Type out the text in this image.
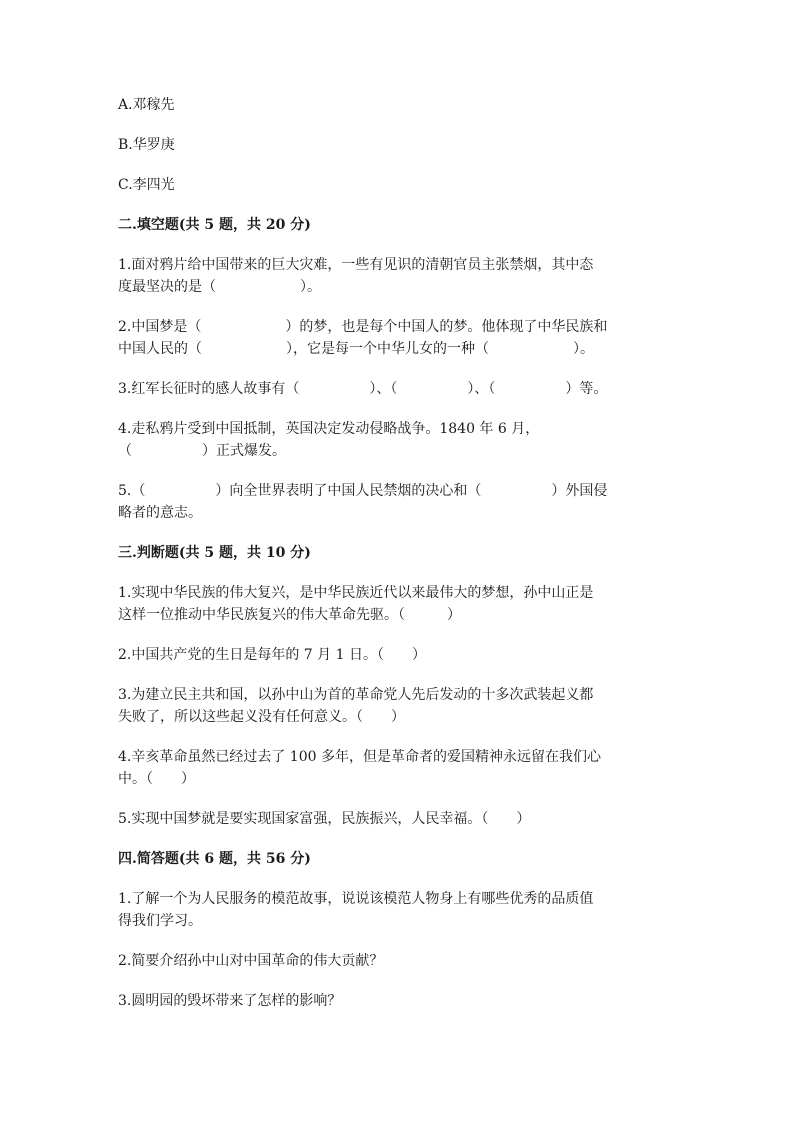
A.邓稼先
B.华罗庚
C.李四光
二.填空题(共 5 题，共 20 分)
1.面对鸦片给中国带来的巨大灾难，一些有见识的清朝官员主张禁烟，其中态
度最坚决的是（　　　　　　）。
2.中国梦是（　　　　　　）的梦，也是每个中国人的梦。他体现了中华民族和
中国人民的（　　　　　　），它是每一个中华儿女的一种（　　　　　　）。
3.红军长征时的感人故事有（　　　　　）、（　　　　　）、（　　　　　）等。
4.走私鸦片受到中国抵制，英国决定发动侵略战争。1840 年 6 月，
（　　　　　）正式爆发。
5.（　　　　　）向全世界表明了中国人民禁烟的决心和（　　　　　）外国侵
略者的意志。
三.判断题(共 5 题，共 10 分)
1.实现中华民族的伟大复兴，是中华民族近代以来最伟大的梦想，孙中山正是
这样一位推动中华民族复兴的伟大革命先驱。（　　　）
2.中国共产党的生日是每年的 7 月 1 日。（　　）
3.为建立民主共和国，以孙中山为首的革命党人先后发动的十多次武装起义都
失败了，所以这些起义没有任何意义。（　　）
4.辛亥革命虽然已经过去了 100 多年，但是革命者的爱国精神永远留在我们心
中。（　　）
5.实现中国梦就是要实现国家富强，民族振兴，人民幸福。（　　）
四.简答题(共 6 题，共 56 分)
1.了解一个为人民服务的模范故事，说说该模范人物身上有哪些优秀的品质值
得我们学习。
2.简要介绍孙中山对中国革命的伟大贡献？
3.圆明园的毁坏带来了怎样的影响？
